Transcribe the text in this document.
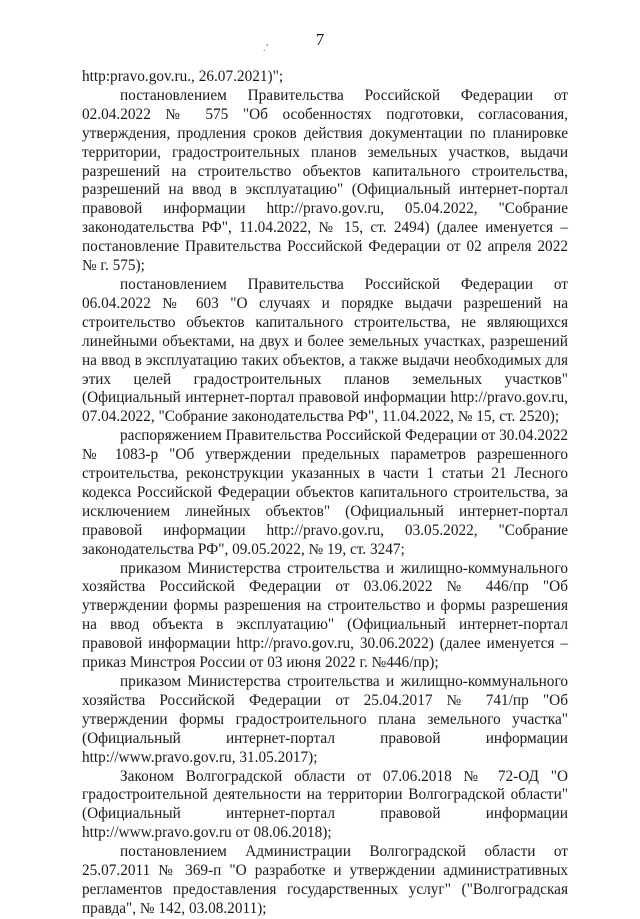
7
.’

http:pravo.gov.ru., 26.07.2021)";

постановлением Правительства Российской Федерации от 02.04.2022 № 575 "Об особенностях подготовки, согласования, утверждения, продления сроков действия документации по планировке территории, градостроительных планов земельных участков, выдачи разрешений на строительство объектов капитального строительства, разрешений на ввод в эксплуатацию" (Официальный интернет-портал правовой информации http://pravo.gov.ru, 05.04.2022, "Собрание законодательства РФ", 11.04.2022, № 15, ст. 2494) (далее именуется – постановление Правительства Российской Федерации от 02 апреля 2022 № г. 575);

постановлением Правительства Российской Федерации от 06.04.2022 № 603 "О случаях и порядке выдачи разрешений на строительство объектов капитального строительства, не являющихся линейными объектами, на двух и более земельных участках, разрешений на ввод в эксплуатацию таких объектов, а также выдачи необходимых для этих целей градостроительных планов земельных участков" (Официальный интернет-портал правовой информации http://pravo.gov.ru, 07.04.2022, "Собрание законодательства РФ", 11.04.2022, № 15, ст. 2520);

распоряжением Правительства Российской Федерации от 30.04.2022 № 1083-р "Об утверждении предельных параметров разрешенного строительства, реконструкции указанных в части 1 статьи 21 Лесного кодекса Российской Федерации объектов капитального строительства, за исключением линейных объектов" (Официальный интернет-портал правовой информации http://pravo.gov.ru, 03.05.2022, "Собрание законодательства РФ", 09.05.2022, № 19, ст. 3247;

приказом Министерства строительства и жилищно-коммунального хозяйства Российской Федерации от 03.06.2022 № 446/пр "Об утверждении формы разрешения на строительство и формы разрешения на ввод объекта в эксплуатацию" (Официальный интернет-портал правовой информации http://pravo.gov.ru, 30.06.2022) (далее именуется – приказ Минстроя России от 03 июня 2022 г. №446/пр);

приказом Министерства строительства и жилищно-коммунального хозяйства Российской Федерации от 25.04.2017 № 741/пр "Об утверждении формы градостроительного плана земельного участка" (Официальный интернет-портал правовой информации http://www.pravo.gov.ru, 31.05.2017);

Законом Волгоградской области от 07.06.2018 № 72-ОД "О градостроительной деятельности на территории Волгоградской области" (Официальный интернет-портал правовой информации http://www.pravo.gov.ru от 08.06.2018);

постановлением Администрации Волгоградской области от 25.07.2011 № 369-п "О разработке и утверждении административных регламентов предоставления государственных услуг" ("Волгоградская правда", № 142, 03.08.2011);
